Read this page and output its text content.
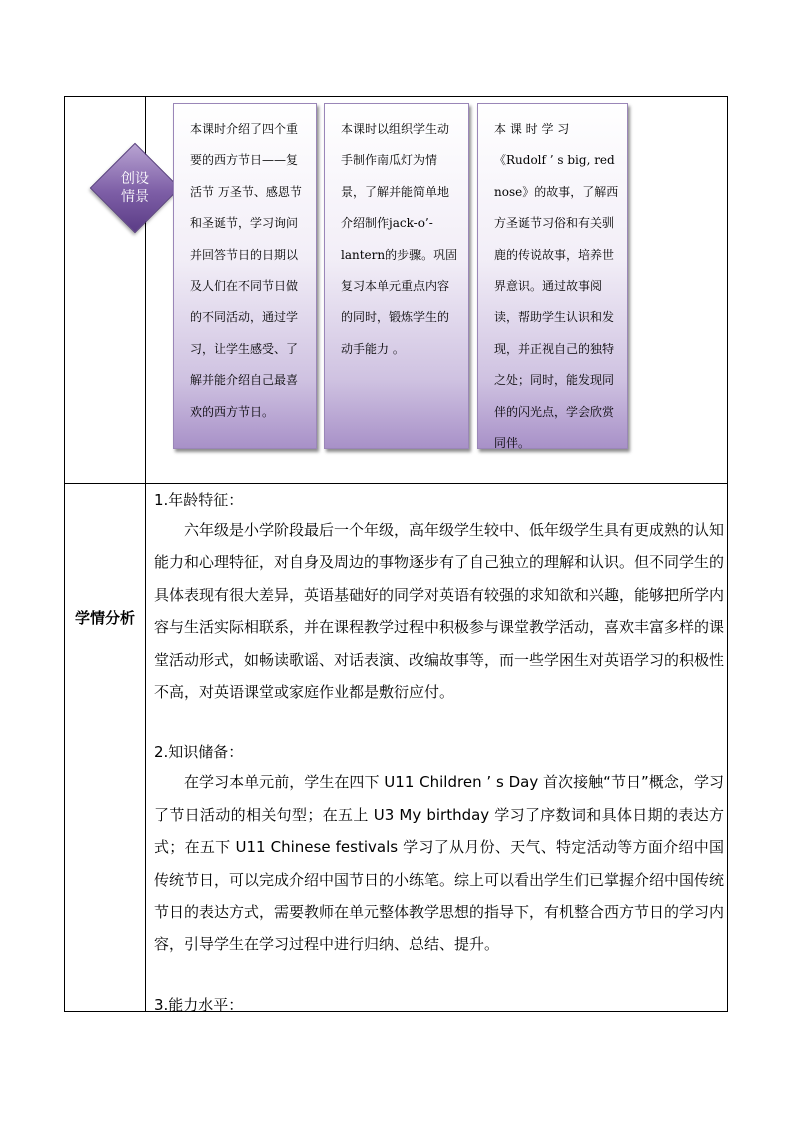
学情分析
创设
情景

本课时介绍了四个重要的西方节日——复活节 万圣节、感恩节和圣诞节，学习询问并回答节日的日期以及人们在不同节日做的不同活动，通过学习，让学生感受、了解并能介绍自己最喜欢的西方节日。

本课时以组织学生动手制作南瓜灯为情景，了解并能简单地介绍制作jack-o’-lantern的步骤。巩固复习本单元重点内容的同时，锻炼学生的动手能力 。

本 课 时 学 习《Rudolf ’ s big, red nose》的故事，了解西方圣诞节习俗和有关驯鹿的传说故事，培养世界意识。通过故事阅读，帮助学生认识和发现，并正视自己的独特之处；同时，能发现同伴的闪光点，学会欣赏同伴。

1.年龄特征：
六年级是小学阶段最后一个年级，高年级学生较中、低年级学生具有更成熟的认知能力和心理特征，对自身及周边的事物逐步有了自己独立的理解和认识。但不同学生的具体表现有很大差异，英语基础好的同学对英语有较强的求知欲和兴趣，能够把所学内容与生活实际相联系，并在课程教学过程中积极参与课堂教学活动，喜欢丰富多样的课堂活动形式，如畅读歌谣、对话表演、改编故事等，而一些学困生对英语学习的积极性不高，对英语课堂或家庭作业都是敷衍应付。
2.知识储备：
在学习本单元前，学生在四下 U11 Children ’ s Day 首次接触“节日”概念，学习了节日活动的相关句型；在五上 U3 My birthday 学习了序数词和具体日期的表达方式；在五下 U11 Chinese festivals 学习了从月份、天气、特定活动等方面介绍中国传统节日，可以完成介绍中国节日的小练笔。综上可以看出学生们已掌握介绍中国传统节日的表达方式，需要教师在单元整体教学思想的指导下，有机整合西方节日的学习内容，引导学生在学习过程中进行归纳、总结、提升。
3.能力水平：
